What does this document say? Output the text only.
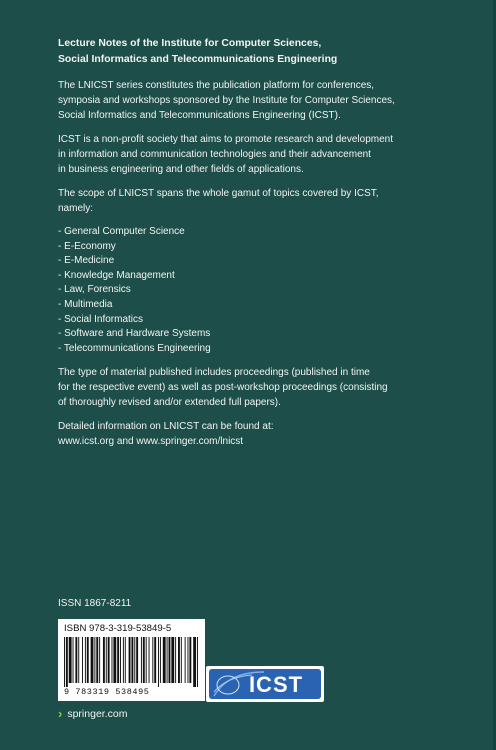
Lecture Notes of the Institute for Computer Sciences,
Social Informatics and Telecommunications Engineering

The LNICST series constitutes the publication platform for conferences,
symposia and workshops sponsored by the Institute for Computer Sciences,
Social Informatics and Telecommunications Engineering (ICST).

ICST is a non-profit society that aims to promote research and development
in information and communication technologies and their advancement
in business engineering and other fields of applications.

The scope of LNICST spans the whole gamut of topics covered by ICST,
namely:

- General Computer Science
- E-Economy
- E-Medicine
- Knowledge Management
- Law, Forensics
- Multimedia
- Social Informatics
- Software and Hardware Systems
- Telecommunications Engineering

The type of material published includes proceedings (published in time
for the respective event) as well as post-workshop proceedings (consisting
of thoroughly revised and/or extended full papers).

Detailed information on LNICST can be found at:
www.icst.org and www.springer.com/lnicst

ISSN 1867-8211
ISBN 978-3-319-53849-5
9 783319 538495	ICST
› springer.com
